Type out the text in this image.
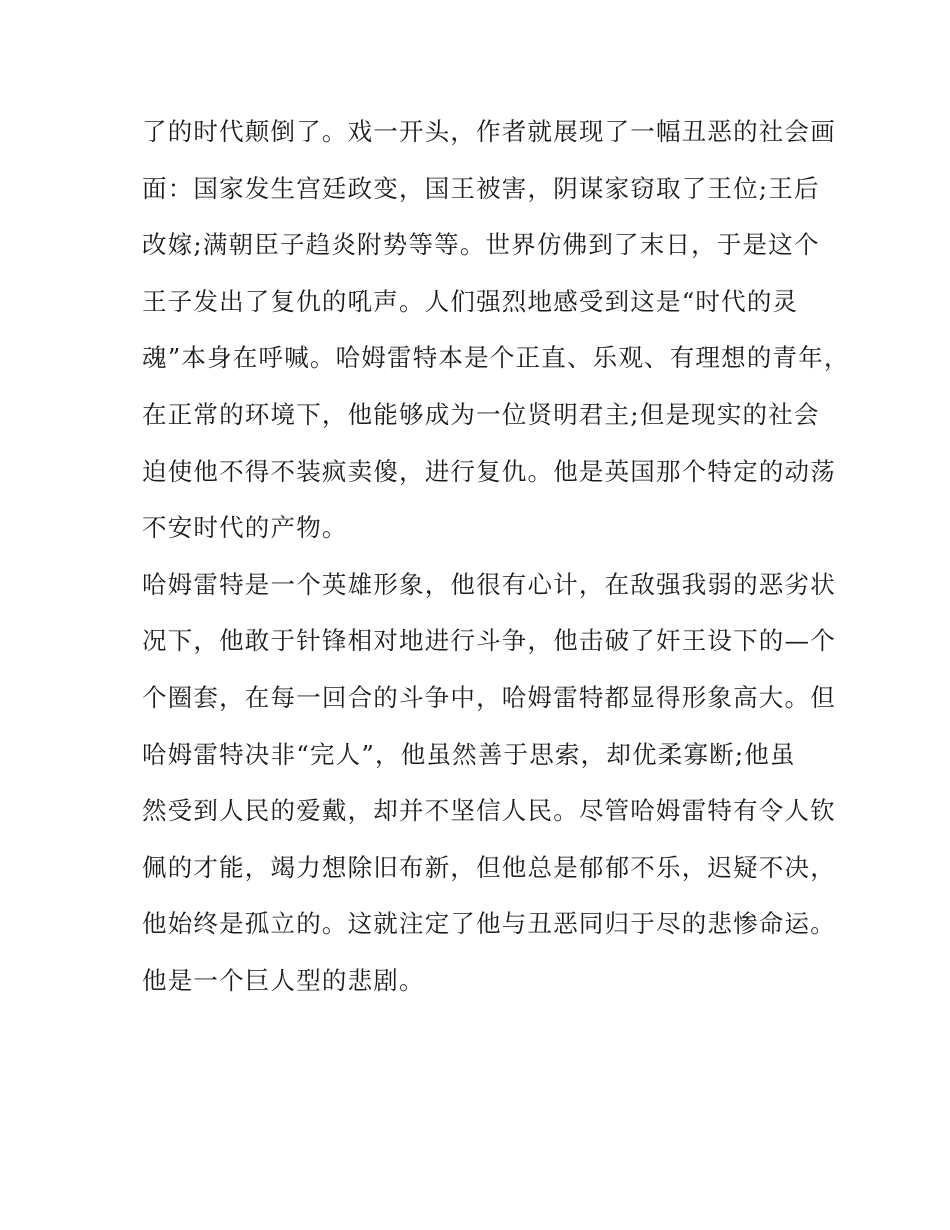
了的时代颠倒了。戏一开头，作者就展现了一幅丑恶的社会画
面：国家发生宫廷政变，国王被害，阴谋家窃取了王位;王后
改嫁;满朝臣子趋炎附势等等。世界仿佛到了末日，于是这个
王子发出了复仇的吼声。人们强烈地感受到这是“时代的灵
魂”本身在呼喊。哈姆雷特本是个正直、乐观、有理想的青年，
在正常的环境下，他能够成为一位贤明君主;但是现实的社会
迫使他不得不装疯卖傻，进行复仇。他是英国那个特定的动荡
不安时代的产物。
哈姆雷特是一个英雄形象，他很有心计，在敌强我弱的恶劣状
况下，他敢于针锋相对地进行斗争，他击破了奸王设下的—个
个圈套，在每一回合的斗争中，哈姆雷特都显得形象高大。但
哈姆雷特决非“完人”，他虽然善于思索，却优柔寡断;他虽
然受到人民的爱戴，却并不坚信人民。尽管哈姆雷特有令人钦
佩的才能，竭力想除旧布新，但他总是郁郁不乐，迟疑不决，
他始终是孤立的。这就注定了他与丑恶同归于尽的悲惨命运。
他是一个巨人型的悲剧。
